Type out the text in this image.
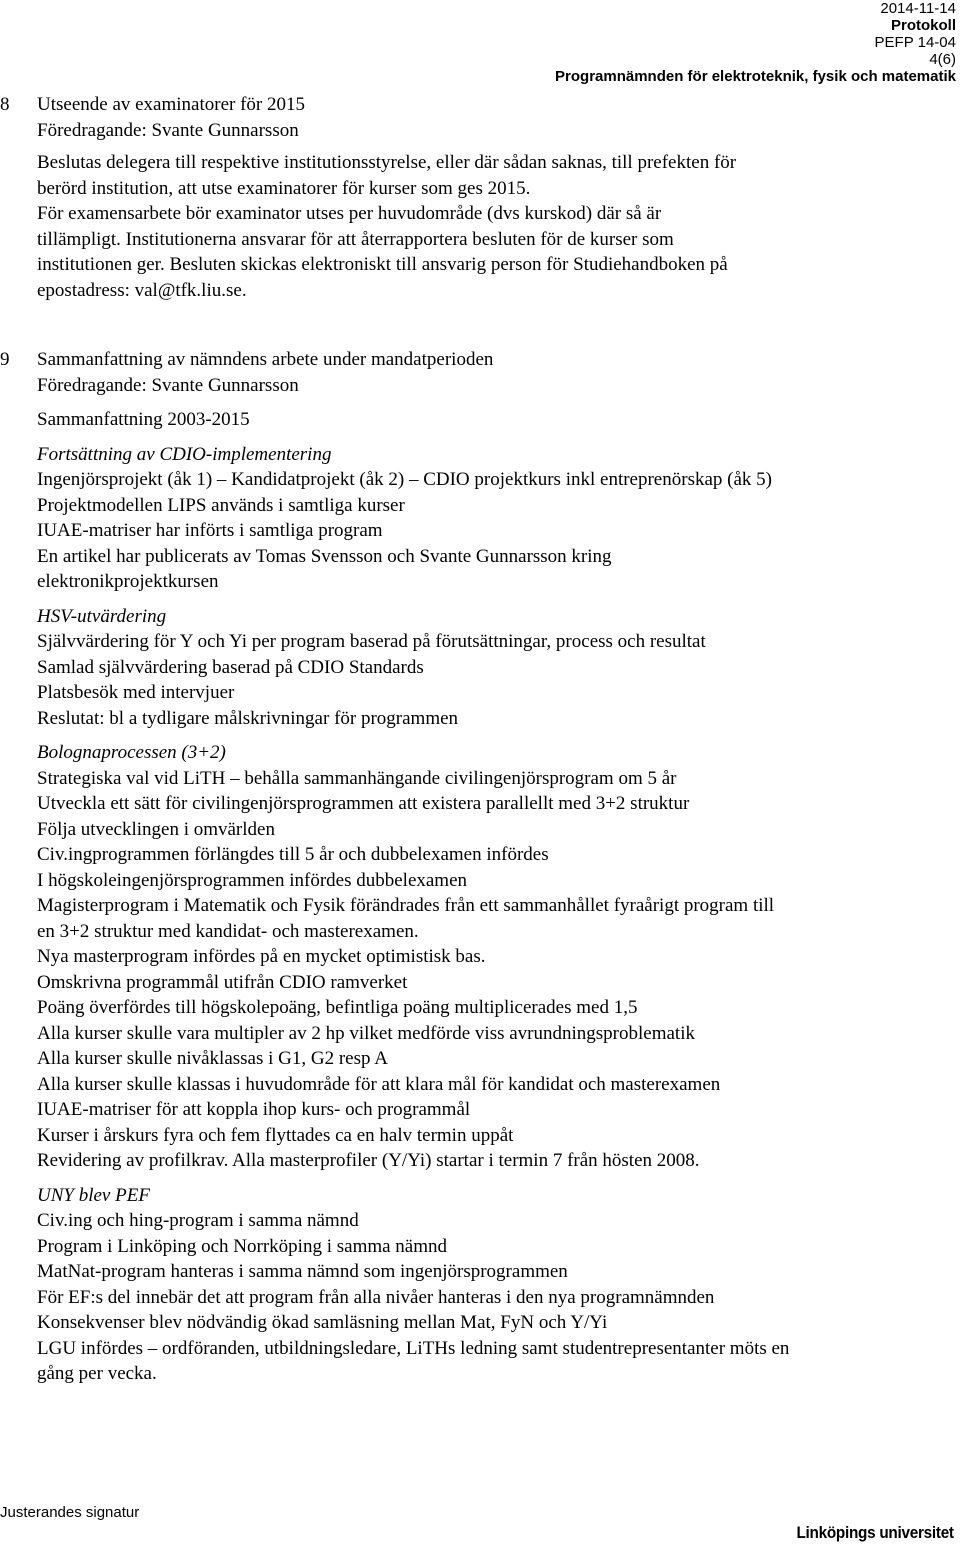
2014-11-14
Protokoll
PEFP 14-04
4(6)
Programnämnden för elektroteknik, fysik och matematik
8 Utseende av examinatorer för 2015
Föredragande: Svante Gunnarsson
Beslutas delegera till respektive institutionsstyrelse, eller där sådan saknas, till prefekten för
berörd institution, att utse examinatorer för kurser som ges 2015.
För examensarbete bör examinator utses per huvudområde (dvs kurskod) där så är
tillämpligt. Institutionerna ansvarar för att återrapportera besluten för de kurser som
institutionen ger. Besluten skickas elektroniskt till ansvarig person för Studiehandboken på
epostadress: val@tfk.liu.se.
9 Sammanfattning av nämndens arbete under mandatperioden
Föredragande: Svante Gunnarsson
Sammanfattning 2003-2015
Fortsättning av CDIO-implementering
Ingenjörsprojekt (åk 1) – Kandidatprojekt (åk 2) – CDIO projektkurs inkl entreprenörskap (åk 5)
Projektmodellen LIPS används i samtliga kurser
IUAE-matriser har införts i samtliga program
En artikel har publicerats av Tomas Svensson och Svante Gunnarsson kring
elektronikprojektkursen
HSV-utvärdering
Självvärdering för Y och Yi per program baserad på förutsättningar, process och resultat
Samlad självvärdering baserad på CDIO Standards
Platsbesök med intervjuer
Reslutat: bl a tydligare målskrivningar för programmen
Bolognaprocessen (3+2)
Strategiska val vid LiTH – behålla sammanhängande civilingenjörsprogram om 5 år
Utveckla ett sätt för civilingenjörsprogrammen att existera parallellt med 3+2 struktur
Följa utvecklingen i omvärlden
Civ.ingprogrammen förlängdes till 5 år och dubbelexamen infördes
I högskoleingenjörsprogrammen infördes dubbelexamen
Magisterprogram i Matematik och Fysik förändrades från ett sammanhållet fyraårigt program till
en 3+2 struktur med kandidat- och masterexamen.
Nya masterprogram infördes på en mycket optimistisk bas.
Omskrivna programmål utifrån CDIO ramverket
Poäng överfördes till högskolepoäng, befintliga poäng multiplicerades med 1,5
Alla kurser skulle vara multipler av 2 hp vilket medförde viss avrundningsproblematik
Alla kurser skulle nivåklassas i G1, G2 resp A
Alla kurser skulle klassas i huvudområde för att klara mål för kandidat och masterexamen
IUAE-matriser för att koppla ihop kurs- och programmål
Kurser i årskurs fyra och fem flyttades ca en halv termin uppåt
Revidering av profilkrav. Alla masterprofiler (Y/Yi) startar i termin 7 från hösten 2008.
UNY blev PEF
Civ.ing och hing-program i samma nämnd
Program i Linköping och Norrköping i samma nämnd
MatNat-program hanteras i samma nämnd som ingenjörsprogrammen
För EF:s del innebär det att program från alla nivåer hanteras i den nya programnämnden
Konsekvenser blev nödvändig ökad samläsning mellan Mat, FyN och Y/Yi
LGU infördes – ordföranden, utbildningsledare, LiTHs ledning samt studentrepresentanter möts en
gång per vecka.
Justerandes signatur
Linköpings universitet
